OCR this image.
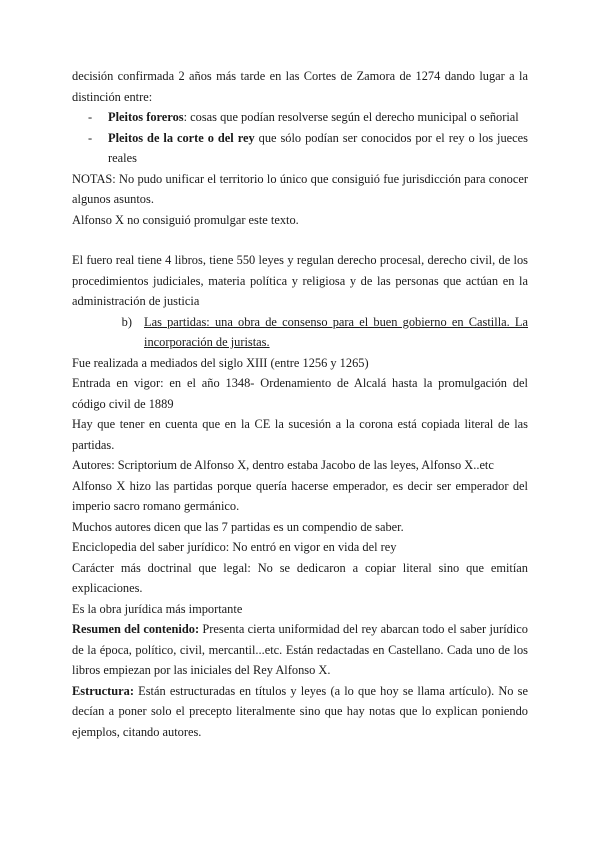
decisión confirmada 2 años más tarde en las Cortes de Zamora de 1274 dando lugar a la distinción entre:

-	Pleitos foreros: cosas que podían resolverse según el derecho municipal o señorial
-	Pleitos de la corte o del rey que sólo podían ser conocidos por el rey o los jueces reales

NOTAS: No pudo unificar el territorio lo único que consiguió fue jurisdicción para conocer algunos asuntos.

Alfonso X no consiguió promulgar este texto.

El fuero real tiene 4 libros, tiene 550 leyes y regulan derecho procesal, derecho civil, de los procedimientos judiciales, materia política y religiosa y de las personas que actúan en la administración de justicia

b) Las partidas: una obra de consenso para el buen gobierno en Castilla. La incorporación de juristas.

Fue realizada a mediados del siglo XIII (entre 1256 y 1265)

Entrada en vigor: en el año 1348- Ordenamiento de Alcalá hasta la promulgación del código civil de 1889

Hay que tener en cuenta que en la CE la sucesión a la corona está copiada literal de las partidas.

Autores: Scriptorium de Alfonso X, dentro estaba Jacobo de las leyes, Alfonso X..etc

Alfonso X hizo las partidas porque quería hacerse emperador, es decir ser emperador del imperio sacro romano germánico.

Muchos autores dicen que las 7 partidas es un compendio de saber.

Enciclopedia del saber jurídico: No entró en vigor en vida del rey

Carácter más doctrinal que legal: No se dedicaron a copiar literal sino que emitían explicaciones.

Es la obra jurídica más importante

Resumen del contenido: Presenta cierta uniformidad del rey abarcan todo el saber jurídico de la época, político, civil, mercantil...etc. Están redactadas en Castellano. Cada uno de los libros empiezan por las iniciales del Rey Alfonso X.

Estructura: Están estructuradas en títulos y leyes (a lo que hoy se llama artículo). No se decían a poner solo el precepto literalmente sino que hay notas que lo explican poniendo ejemplos, citando autores.
